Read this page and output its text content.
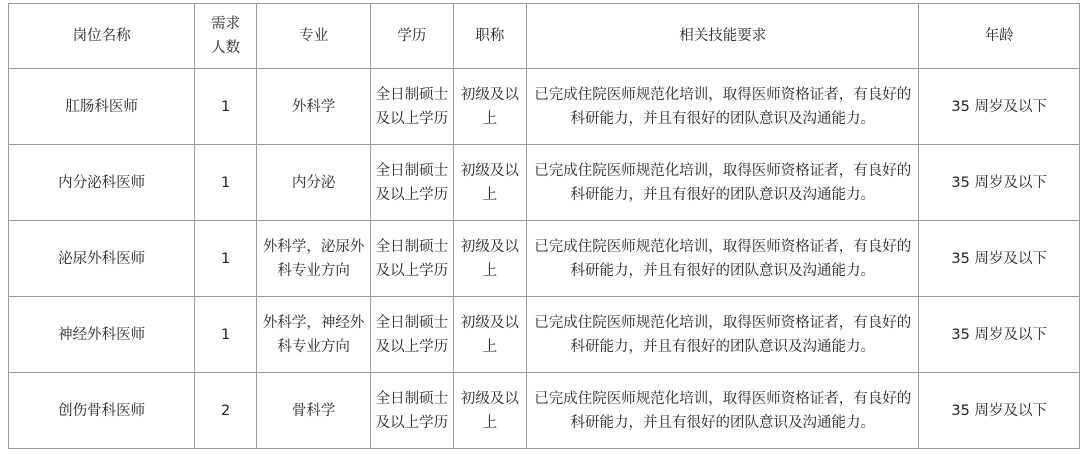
岗位名称	需求人数	专业	学历	职称	相关技能要求	年龄
肛肠科医师	1	外科学	全日制硕士及以上学历	初级及以上	已完成住院医师规范化培训，取得医师资格证者，有良好的科研能力，并且有很好的团队意识及沟通能力。	35 周岁及以下
内分泌科医师	1	内分泌	全日制硕士及以上学历	初级及以上	已完成住院医师规范化培训，取得医师资格证者，有良好的科研能力，并且有很好的团队意识及沟通能力。	35 周岁及以下
泌尿外科医师	1	外科学，泌尿外科专业方向	全日制硕士及以上学历	初级及以上	已完成住院医师规范化培训，取得医师资格证者，有良好的科研能力，并且有很好的团队意识及沟通能力。	35 周岁及以下
神经外科医师	1	外科学，神经外科专业方向	全日制硕士及以上学历	初级及以上	已完成住院医师规范化培训，取得医师资格证者，有良好的科研能力，并且有很好的团队意识及沟通能力。	35 周岁及以下
创伤骨科医师	2	骨科学	全日制硕士及以上学历	初级及以上	已完成住院医师规范化培训，取得医师资格证者，有良好的科研能力，并且有很好的团队意识及沟通能力。	35 周岁及以下
